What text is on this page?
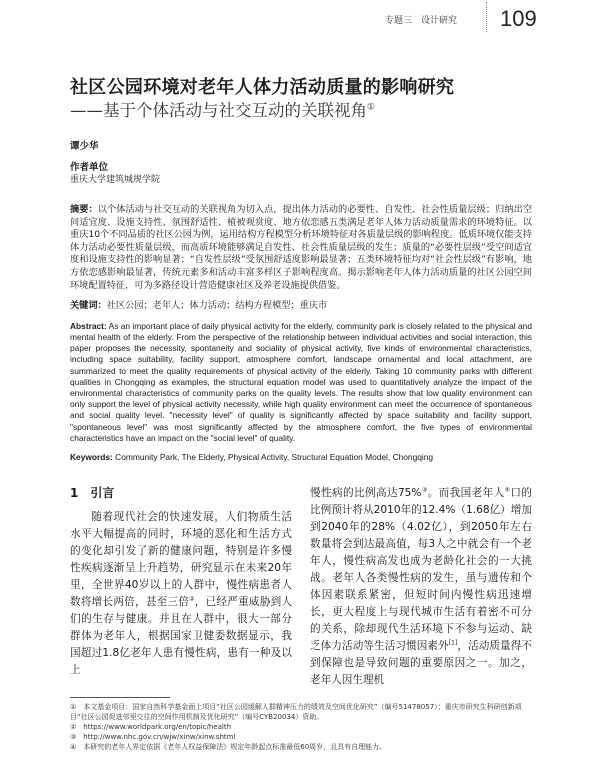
专题三　设计研究 109
社区公园环境对老年人体力活动质量的影响研究
——基于个体活动与社交互动的关联视角①
谭少华
作者单位
重庆大学建筑城规学院
摘要：以个体活动与社交互动的关联视角为切入点，提出体力活动的必要性、自发性、社会性质量层级；归纳出空间适宜度、设施支持性、氛围舒适性、植被观赏度、地方依恋感五类满足老年人体力活动质量需求的环境特征。以重庆10个不同品质的社区公园为例，运用结构方程模型分析环境特征对各质量层级的影响程度。低质环境仅能支持体力活动必要性质量层级，而高质环境能够满足自发性、社会性质量层级的发生；质量的“必要性层级”受空间适宜度和设施支持性的影响显著；“自发性层级”受氛围舒适度影响最显著；五类环境特征均对“社会性层级”有影响，地方依恋感影响最显著，传统元素多和活动丰富多样区子影响程度高。揭示影响老年人体力活动质量的社区公园空间环境配置特征，可为多路径设计营造健康社区及养老设施提供借鉴。
关键词：社区公园；老年人；体力活动；结构方程模型；重庆市
Abstract: As an important place of daily physical activity for the elderly, community park is closely related to the physical and mental health of the elderly. From the perspective of the relationship between individual activities and social interaction, this paper proposes the necessity, spontaneity and sociality of physical activity, five kinds of environmental characteristics, including space suitability, facility support, atmosphere comfort, landscape ornamental and local attachment, are summarized to meet the quality requirements of physical activity of the elderly. Taking 10 community parks with different qualities in Chongqing as examples, the structural equation model was used to quantitatively analyze the impact of the environmental characteristics of community parks on the quality levels. The results show that low quality environment can only support the level of physical activity necessity, while high quality environment can meet the occurrence of spontaneous and social quality level. "necessity level" of quality is significantly affected by space suitability and facility support, "spontaneous level" was most significantly affected by the atmosphere comfort, the five types of environmental characteristics have an impact on the "social level" of quality.
Keywords: Community Park, The Elderly, Physical Activity, Structural Equation Model, Chongqing
1　引言

随着现代社会的快速发展，人们物质生活水平大幅提高的同时，环境的恶化和生活方式的变化却引发了新的健康问题，特别是许多慢性疾病逐渐呈上升趋势，研究显示在未来20年里，全世界40岁以上的人群中，慢性病患者人数将增长两倍，甚至三倍②，已经严重威胁到人们的生存与健康。并且在人群中，很大一部分群体为老年人，根据国家卫健委数据显示，我国超过1.8亿老年人患有慢性病，患有一种及以上

慢性病的比例高达75%③。而我国老年人④口的比例预计将从2010年的12.4%（1.68亿）增加到2040年的28%（4.02亿），到2050年左右数量将会到达最高值，每3人之中就会有一个老年人，慢性病高发也成为老龄化社会的一大挑战。老年人各类慢性病的发生，虽与遗传和个体因素联系紧密，但短时间内慢性病迅速增长，更大程度上与现代城市生活有着密不可分的关系，除却现代生活环境下不参与运动、缺乏体力活动等生活习惯因素外[1]，活动质量得不到保障也是导致问题的重要原因之一。加之，老年人因生理机

①　本文基金项目：国家自然科学基金面上项目“社区公园缓解人群精神压力的绩效及空间优化研究”（编号51478057）；重庆市研究生科研创新项目“社区公园促进邻里交往的空间作用机制及优化研究”（编号CYB20034）资助。
②　https://www.worldpark.org/en/topic/health
③　http://www.nhc.gov.cn/wjw/xinw/xinw.shtml
④　本研究的老年人界定依据《老年人权益保障法》规定年龄起点标准最低60周岁，且具有自理能力。
